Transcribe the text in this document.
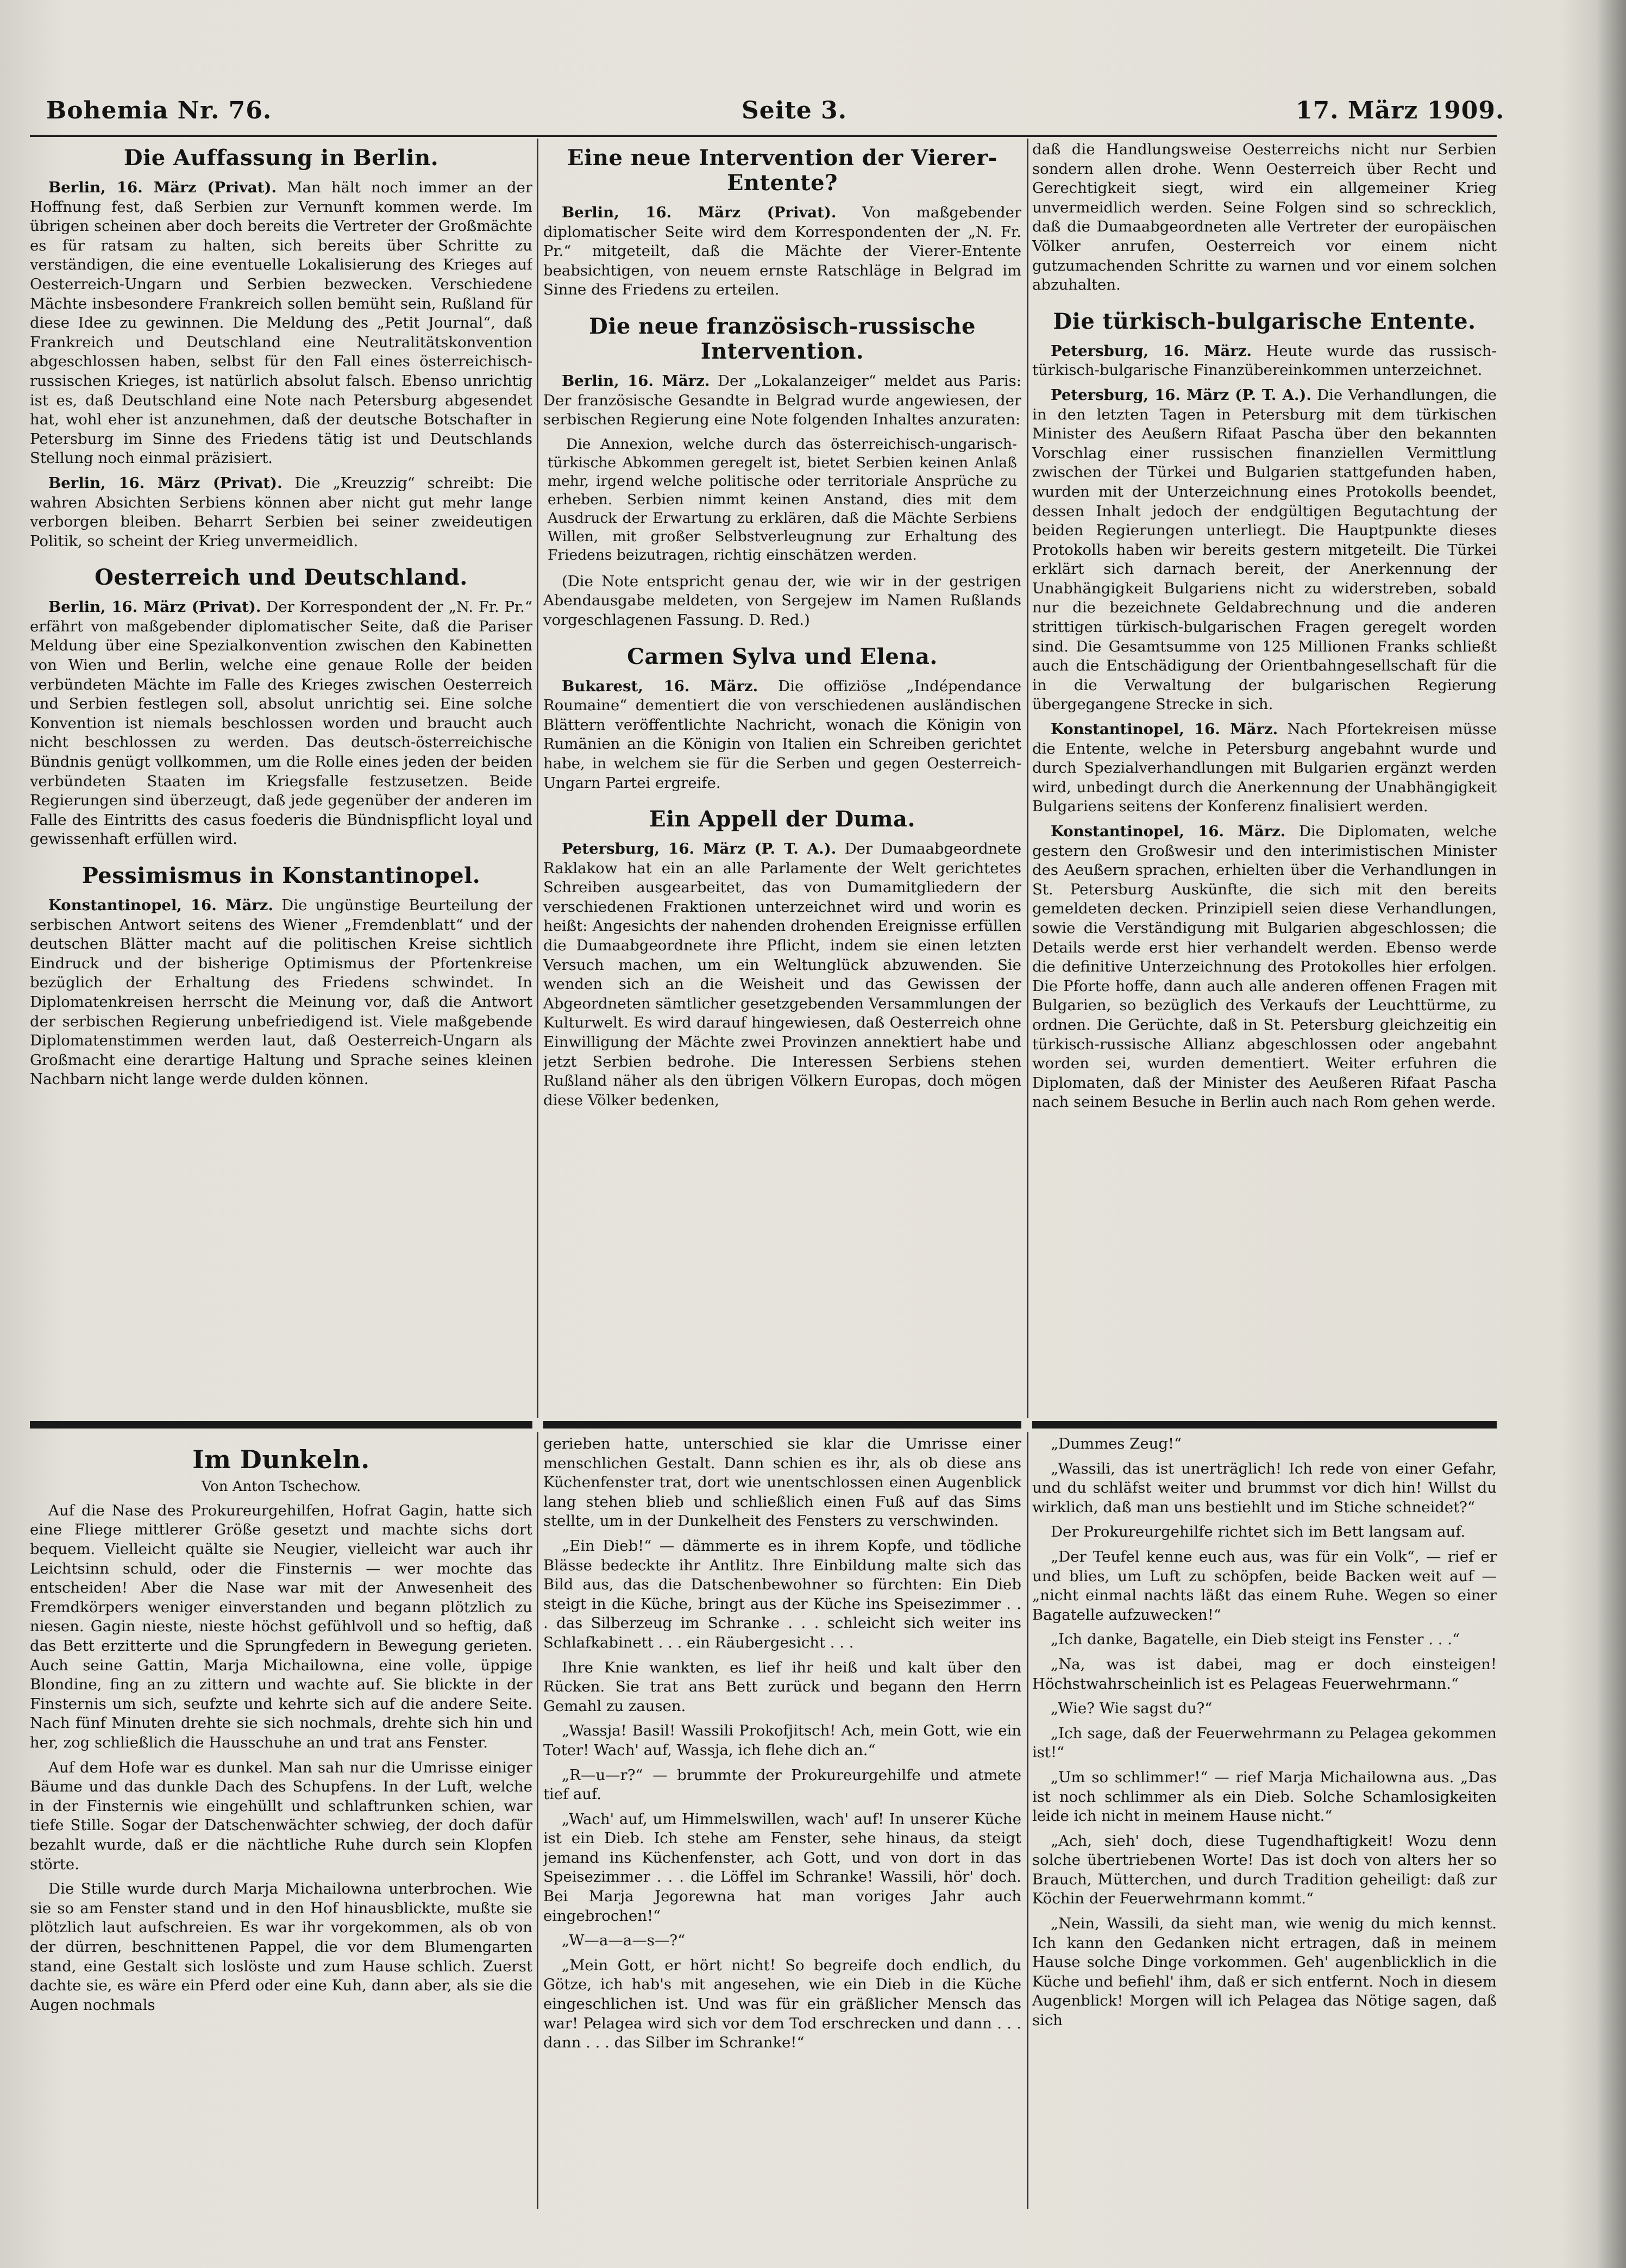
Bohemia Nr. 76.	Seite 3.	17. März 1909.
Die Auffassung in Berlin.

Berlin, 16. März (Privat). Man hält noch immer an der Hoffnung fest, daß Serbien zur Vernunft kommen werde. Im übrigen scheinen aber doch bereits die Vertreter der Großmächte es für ratsam zu halten, sich bereits über Schritte zu verständigen, die eine eventuelle Lokalisierung des Krieges auf Oesterreich-Ungarn und Serbien bezwecken. Verschiedene Mächte insbesondere Frankreich sollen bemüht sein, Rußland für diese Idee zu gewinnen. Die Meldung des „Petit Journal“, daß Frankreich und Deutschland eine Neutralitätskonvention abgeschlossen haben, selbst für den Fall eines österreichisch-russischen Krieges, ist natürlich absolut falsch. Ebenso unrichtig ist es, daß Deutschland eine Note nach Petersburg abgesendet hat, wohl eher ist anzunehmen, daß der deutsche Botschafter in Petersburg im Sinne des Friedens tätig ist und Deutschlands Stellung noch einmal präzisiert.

Berlin, 16. März (Privat). Die „Kreuzzig“ schreibt: Die wahren Absichten Serbiens können aber nicht gut mehr lange verborgen bleiben. Beharrt Serbien bei seiner zweideutigen Politik, so scheint der Krieg unvermeidlich.

Oesterreich und Deutschland.

Berlin, 16. März (Privat). Der Korrespondent der „N. Fr. Pr.“ erfährt von maßgebender diplomatischer Seite, daß die Pariser Meldung über eine Spezialkonvention zwischen den Kabinetten von Wien und Berlin, welche eine genaue Rolle der beiden verbündeten Mächte im Falle des Krieges zwischen Oesterreich und Serbien festlegen soll, absolut unrichtig sei. Eine solche Konvention ist niemals beschlossen worden und braucht auch nicht beschlossen zu werden. Das deutsch-österreichische Bündnis genügt vollkommen, um die Rolle eines jeden der beiden verbündeten Staaten im Kriegsfalle festzusetzen. Beide Regierungen sind überzeugt, daß jede gegenüber der anderen im Falle des Eintritts des casus foederis die Bündnispflicht loyal und gewissenhaft erfüllen wird.

Pessimismus in Konstantinopel.

Konstantinopel, 16. März. Die ungünstige Beurteilung der serbischen Antwort seitens des Wiener „Fremdenblatt“ und der deutschen Blätter macht auf die politischen Kreise sichtlich Eindruck und der bisherige Optimismus der Pfortenkreise bezüglich der Erhaltung des Friedens schwindet. In Diplomatenkreisen herrscht die Meinung vor, daß die Antwort der serbischen Regierung unbefriedigend ist. Viele maßgebende Diplomatenstimmen werden laut, daß Oesterreich-Ungarn als Großmacht eine derartige Haltung und Sprache seines kleinen Nachbarn nicht lange werde dulden können.

Eine neue Intervention der Vierer-Entente?

Berlin, 16. März (Privat). Von maßgebender diplomatischer Seite wird dem Korrespondenten der „N. Fr. Pr.“ mitgeteilt, daß die Mächte der Vierer-Entente beabsichtigen, von neuem ernste Ratschläge in Belgrad im Sinne des Friedens zu erteilen.

Die neue französisch-russische Intervention.

Berlin, 16. März. Der „Lokalanzeiger“ meldet aus Paris: Der französische Gesandte in Belgrad wurde angewiesen, der serbischen Regierung eine Note folgenden Inhaltes anzuraten:

Die Annexion, welche durch das österreichisch-ungarisch-türkische Abkommen geregelt ist, bietet Serbien keinen Anlaß mehr, irgend welche politische oder territoriale Ansprüche zu erheben. Serbien nimmt keinen Anstand, dies mit dem Ausdruck der Erwartung zu erklären, daß die Mächte Serbiens Willen, mit großer Selbstverleugnung zur Erhaltung des Friedens beizutragen, richtig einschätzen werden.

(Die Note entspricht genau der, wie wir in der gestrigen Abendausgabe meldeten, von Sergejew im Namen Rußlands vorgeschlagenen Fassung. D. Red.)

Carmen Sylva und Elena.

Bukarest, 16. März. Die offiziöse „Indépendance Roumaine“ dementiert die von verschiedenen ausländischen Blättern veröffentlichte Nachricht, wonach die Königin von Rumänien an die Königin von Italien ein Schreiben gerichtet habe, in welchem sie für die Serben und gegen Oesterreich-Ungarn Partei ergreife.

Ein Appell der Duma.

Petersburg, 16. März (P. T. A.). Der Dumaabgeordnete Raklakow hat ein an alle Parlamente der Welt gerichtetes Schreiben ausgearbeitet, das von Dumamitgliedern der verschiedenen Fraktionen unterzeichnet wird und worin es heißt: Angesichts der nahenden drohenden Ereignisse erfüllen die Dumaabgeordnete ihre Pflicht, indem sie einen letzten Versuch machen, um ein Weltunglück abzuwenden. Sie wenden sich an die Weisheit und das Gewissen der Abgeordneten sämtlicher gesetzgebenden Versammlungen der Kulturwelt. Es wird darauf hingewiesen, daß Oesterreich ohne Einwilligung der Mächte zwei Provinzen annektiert habe und jetzt Serbien bedrohe. Die Interessen Serbiens stehen Rußland näher als den übrigen Völkern Europas, doch mögen diese Völker bedenken,

daß die Handlungsweise Oesterreichs nicht nur Serbien sondern allen drohe. Wenn Oesterreich über Recht und Gerechtigkeit siegt, wird ein allgemeiner Krieg unvermeidlich werden. Seine Folgen sind so schrecklich, daß die Dumaabgeordneten alle Vertreter der europäischen Völker anrufen, Oesterreich vor einem nicht gutzumachenden Schritte zu warnen und vor einem solchen abzuhalten.

Die türkisch-bulgarische Entente.

Petersburg, 16. März. Heute wurde das russisch-türkisch-bulgarische Finanzübereinkommen unterzeichnet.

Petersburg, 16. März (P. T. A.). Die Verhandlungen, die in den letzten Tagen in Petersburg mit dem türkischen Minister des Aeußern Rifaat Pascha über den bekannten Vorschlag einer russischen finanziellen Vermittlung zwischen der Türkei und Bulgarien stattgefunden haben, wurden mit der Unterzeichnung eines Protokolls beendet, dessen Inhalt jedoch der endgültigen Begutachtung der beiden Regierungen unterliegt. Die Hauptpunkte dieses Protokolls haben wir bereits gestern mitgeteilt. Die Türkei erklärt sich darnach bereit, der Anerkennung der Unabhängigkeit Bulgariens nicht zu widerstreben, sobald nur die bezeichnete Geldabrechnung und die anderen strittigen türkisch-bulgarischen Fragen geregelt worden sind. Die Gesamtsumme von 125 Millionen Franks schließt auch die Entschädigung der Orientbahngesellschaft für die in die Verwaltung der bulgarischen Regierung übergegangene Strecke in sich.

Konstantinopel, 16. März. Nach Pfortekreisen müsse die Entente, welche in Petersburg angebahnt wurde und durch Spezialverhandlungen mit Bulgarien ergänzt werden wird, unbedingt durch die Anerkennung der Unabhängigkeit Bulgariens seitens der Konferenz finalisiert werden.

Konstantinopel, 16. März. Die Diplomaten, welche gestern den Großwesir und den interimistischen Minister des Aeußern sprachen, erhielten über die Verhandlungen in St. Petersburg Auskünfte, die sich mit den bereits gemeldeten decken. Prinzipiell seien diese Verhandlungen, sowie die Verständigung mit Bulgarien abgeschlossen; die Details werde erst hier verhandelt werden. Ebenso werde die definitive Unterzeichnung des Protokolles hier erfolgen. Die Pforte hoffe, dann auch alle anderen offenen Fragen mit Bulgarien, so bezüglich des Verkaufs der Leuchttürme, zu ordnen. Die Gerüchte, daß in St. Petersburg gleichzeitig ein türkisch-russische Allianz abgeschlossen oder angebahnt worden sei, wurden dementiert. Weiter erfuhren die Diplomaten, daß der Minister des Aeußeren Rifaat Pascha nach seinem Besuche in Berlin auch nach Rom gehen werde.

Im Dunkeln.
Von Anton Tschechow.

Auf die Nase des Prokureurgehilfen, Hofrat Gagin, hatte sich eine Fliege mittlerer Größe gesetzt und machte sichs dort bequem. Vielleicht quälte sie Neugier, vielleicht war auch ihr Leichtsinn schuld, oder die Finsternis — wer mochte das entscheiden! Aber die Nase war mit der Anwesenheit des Fremdkörpers weniger einverstanden und begann plötzlich zu niesen. Gagin nieste, nieste höchst gefühlvoll und so heftig, daß das Bett erzitterte und die Sprungfedern in Bewegung gerieten. Auch seine Gattin, Marja Michailowna, eine volle, üppige Blondine, fing an zu zittern und wachte auf. Sie blickte in der Finsternis um sich, seufzte und kehrte sich auf die andere Seite. Nach fünf Minuten drehte sie sich nochmals, drehte sich hin und her, zog schließlich die Hausschuhe an und trat ans Fenster.

Auf dem Hofe war es dunkel. Man sah nur die Umrisse einiger Bäume und das dunkle Dach des Schupfens. In der Luft, welche in der Finsternis wie eingehüllt und schlaftrunken schien, war tiefe Stille. Sogar der Datschenwächter schwieg, der doch dafür bezahlt wurde, daß er die nächtliche Ruhe durch sein Klopfen störte.

Die Stille wurde durch Marja Michailowna unterbrochen. Wie sie so am Fenster stand und in den Hof hinausblickte, mußte sie plötzlich laut aufschreien. Es war ihr vorgekommen, als ob von der dürren, beschnittenen Pappel, die vor dem Blumengarten stand, eine Gestalt sich loslöste und zum Hause schlich. Zuerst dachte sie, es wäre ein Pferd oder eine Kuh, dann aber, als sie die Augen nochmals

gerieben hatte, unterschied sie klar die Umrisse einer menschlichen Gestalt. Dann schien es ihr, als ob diese ans Küchenfenster trat, dort wie unentschlossen einen Augenblick lang stehen blieb und schließlich einen Fuß auf das Sims stellte, um in der Dunkelheit des Fensters zu verschwinden.

„Ein Dieb!“ — dämmerte es in ihrem Kopfe, und tödliche Blässe bedeckte ihr Antlitz. Ihre Einbildung malte sich das Bild aus, das die Datschenbewohner so fürchten: Ein Dieb steigt in die Küche, bringt aus der Küche ins Speisezimmer . . . das Silberzeug im Schranke . . . schleicht sich weiter ins Schlafkabinett . . . ein Räubergesicht . . .

Ihre Knie wankten, es lief ihr heiß und kalt über den Rücken. Sie trat ans Bett zurück und begann den Herrn Gemahl zu zausen.

„Wassja! Basil! Wassili Prokofjitsch! Ach, mein Gott, wie ein Toter! Wach' auf, Wassja, ich flehe dich an.“

„R—u—r?“ — brummte der Prokureurgehilfe und atmete tief auf.

„Wach' auf, um Himmelswillen, wach' auf! In unserer Küche ist ein Dieb. Ich stehe am Fenster, sehe hinaus, da steigt jemand ins Küchenfenster, ach Gott, und von dort in das Speisezimmer . . . die Löffel im Schranke! Wassili, hör' doch. Bei Marja Jegorewna hat man voriges Jahr auch eingebrochen!“

„W—a—a—s—?“

„Mein Gott, er hört nicht! So begreife doch endlich, du Götze, ich hab's mit angesehen, wie ein Dieb in die Küche eingeschlichen ist. Und was für ein gräßlicher Mensch das war! Pelagea wird sich vor dem Tod erschrecken und dann . . . dann . . . das Silber im Schranke!“

„Dummes Zeug!“

„Wassili, das ist unerträglich! Ich rede von einer Gefahr, und du schläfst weiter und brummst vor dich hin! Willst du wirklich, daß man uns bestiehlt und im Stiche schneidet?“

Der Prokureurgehilfe richtet sich im Bett langsam auf.

„Der Teufel kenne euch aus, was für ein Volk“, — rief er und blies, um Luft zu schöpfen, beide Backen weit auf — „nicht einmal nachts läßt das einem Ruhe. Wegen so einer Bagatelle aufzuwecken!“

„Ich danke, Bagatelle, ein Dieb steigt ins Fenster . . .“

„Na, was ist dabei, mag er doch einsteigen! Höchstwahrscheinlich ist es Pelageas Feuerwehrmann.“

„Wie? Wie sagst du?“

„Ich sage, daß der Feuerwehrmann zu Pelagea gekommen ist!“

„Um so schlimmer!“ — rief Marja Michailowna aus. „Das ist noch schlimmer als ein Dieb. Solche Schamlosigkeiten leide ich nicht in meinem Hause nicht.“

„Ach, sieh' doch, diese Tugendhaftigkeit! Wozu denn solche übertriebenen Worte! Das ist doch von alters her so Brauch, Mütterchen, und durch Tradition geheiligt: daß zur Köchin der Feuerwehrmann kommt.“

„Nein, Wassili, da sieht man, wie wenig du mich kennst. Ich kann den Gedanken nicht ertragen, daß in meinem Hause solche Dinge vorkommen. Geh' augenblicklich in die Küche und befiehl' ihm, daß er sich entfernt. Noch in diesem Augenblick! Morgen will ich Pelagea das Nötige sagen, daß sich
